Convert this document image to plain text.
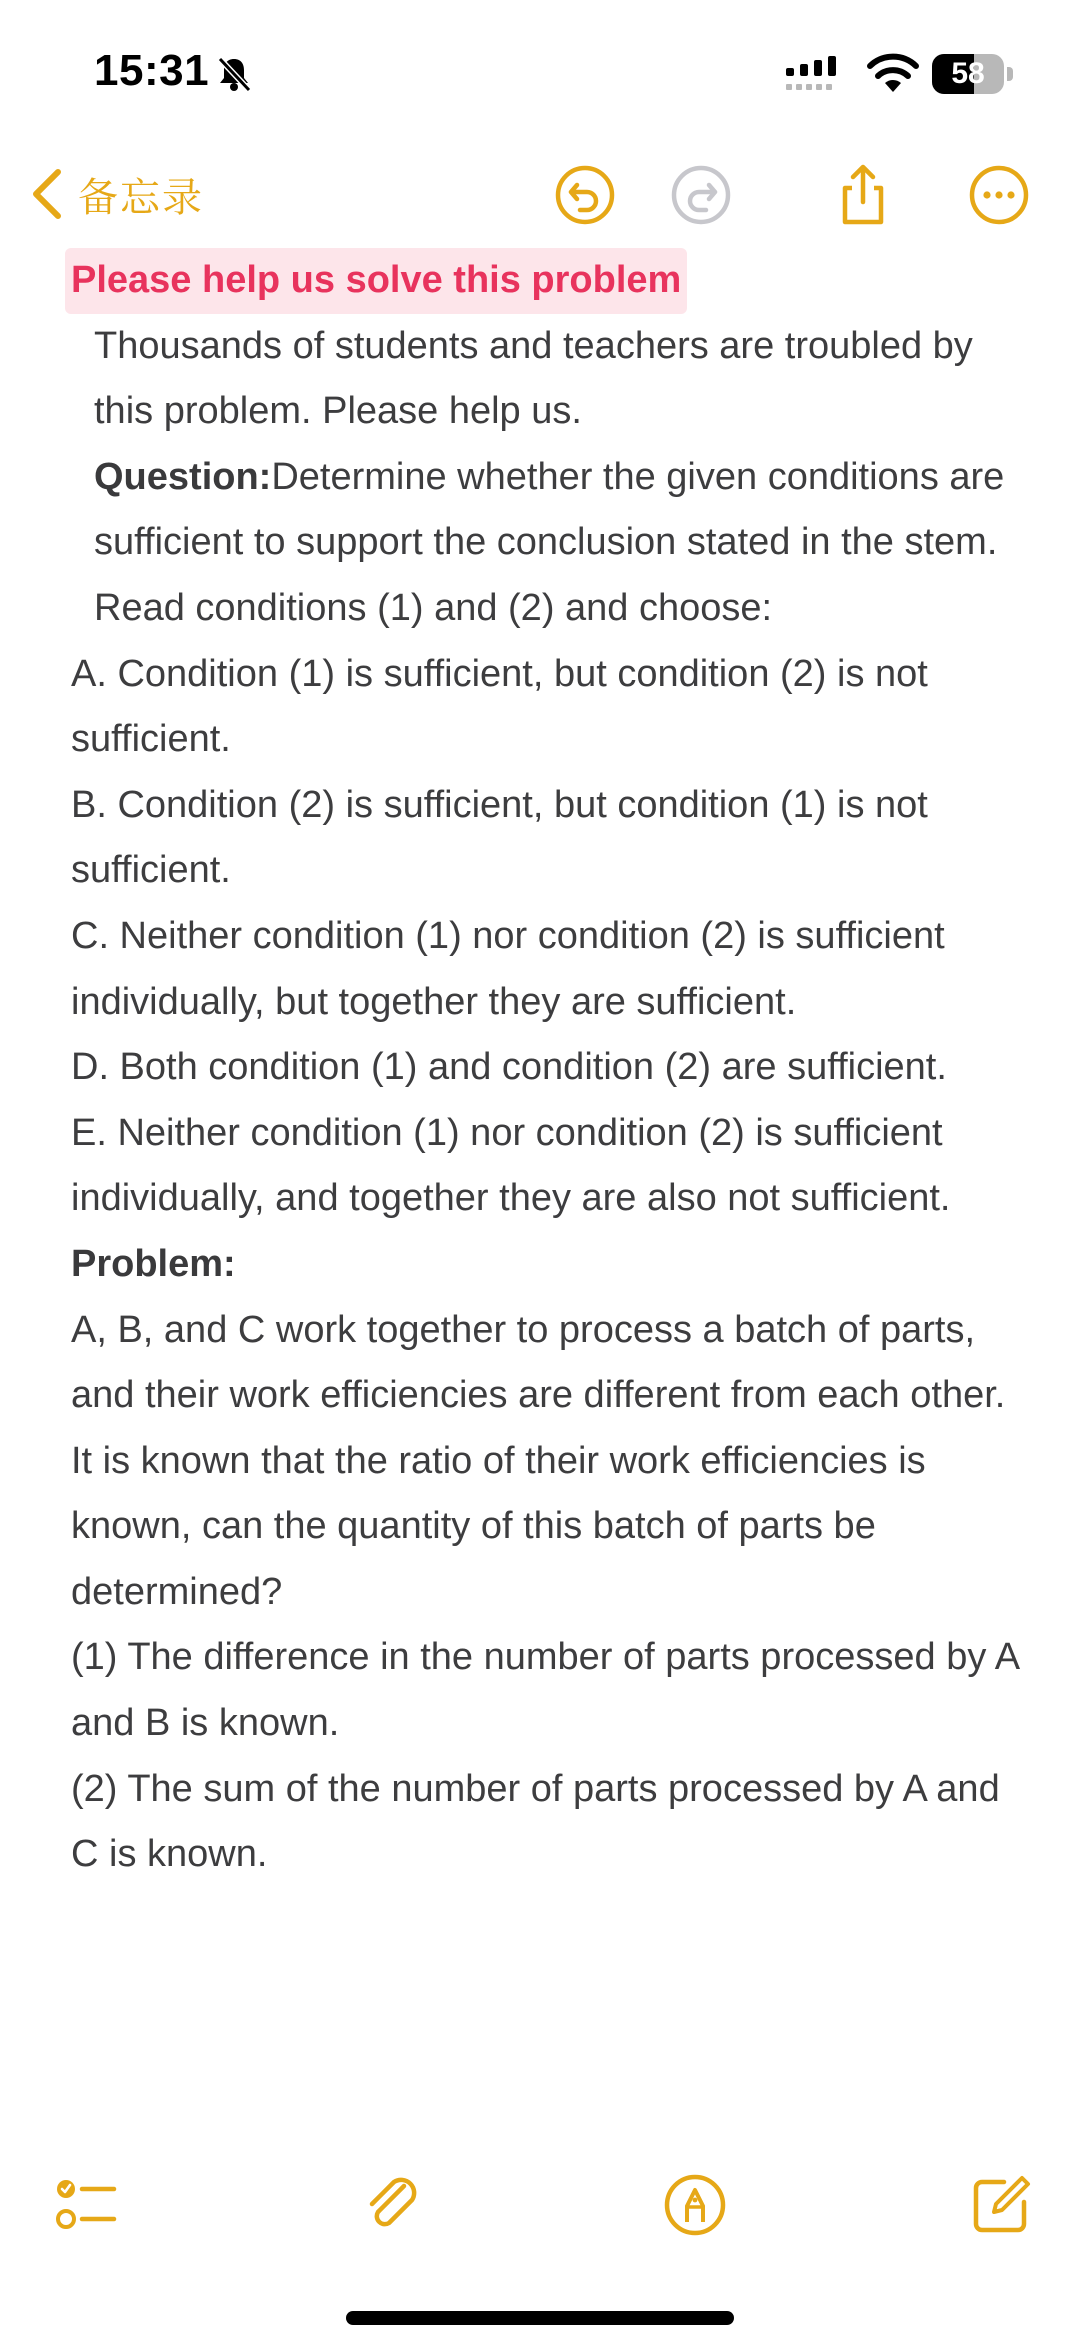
15:31	58
备忘录

Please help us solve this problem

Thousands of students and teachers are troubled by this problem. Please help us.

Question:Determine whether the given conditions are sufficient to support the conclusion stated in the stem. Read conditions (1) and (2) and choose:

A. Condition (1) is sufficient, but condition (2) is not sufficient.

B. Condition (2) is sufficient, but condition (1) is not sufficient.

C. Neither condition (1) nor condition (2) is sufficient individually, but together they are sufficient.

D. Both condition (1) and condition (2) are sufficient.

E. Neither condition (1) nor condition (2) is sufficient individually, and together they are also not sufficient.

Problem:

A, B, and C work together to process a batch of parts, and their work efficiencies are different from each other. It is known that the ratio of their work efficiencies is known, can the quantity of this batch of parts be determined?

(1) The difference in the number of parts processed by A and B is known.

(2) The sum of the number of parts processed by A and C is known.
